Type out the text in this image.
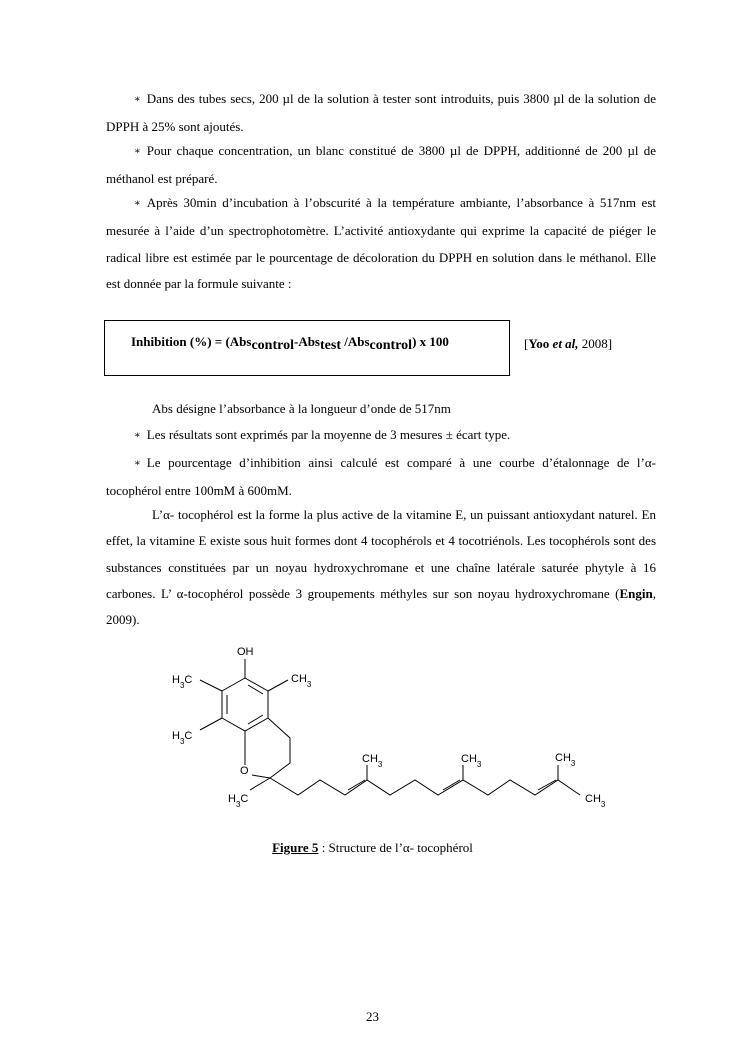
∗ Dans des tubes secs, 200 µl de la solution à tester sont introduits, puis 3800 µl de la solution de DPPH à 25% sont ajoutés.

∗ Pour chaque concentration, un blanc constitué de 3800 µl de DPPH, additionné de 200 µl de méthanol est préparé.

∗ Après 30min d’incubation à l’obscurité à la température ambiante, l’absorbance à 517nm est mesurée à l’aide d’un spectrophotomètre. L’activité antioxydante qui exprime la capacité de piéger le radical libre est estimée par le pourcentage de décoloration du DPPH en solution dans le méthanol. Elle est donnée par la formule suivante :

Inhibition (%) = (Abscontrol-Abstest /Abscontrol) x 100	[Yoo et al, 2008]

Abs désigne l’absorbance à la longueur d’onde de 517nm

∗ Les résultats sont exprimés par la moyenne de 3 mesures ± écart type.

∗ Le pourcentage d’inhibition ainsi calculé est comparé à une courbe d’étalonnage de l’α- tocophérol entre 100mM à 600mM.

L’α- tocophérol est la forme la plus active de la vitamine E, un puissant antioxydant naturel. En effet, la vitamine E existe sous huit formes dont 4 tocophérols et 4 tocotriénols. Les tocophérols sont des substances constituées par un noyau hydroxychromane et une chaîne latérale saturée phytyle à 16 carbones. L’ α-tocophérol possède 3 groupements méthyles sur son noyau hydroxychromane (Engin, 2009).

OH
$H_3C$	$CH_3$
$H_3C$
O
$H_3C$
$CH_3$	$CH_3$	$CH_3$
$CH_3$
Figure 5 : Structure de l’α- tocophérol
23
